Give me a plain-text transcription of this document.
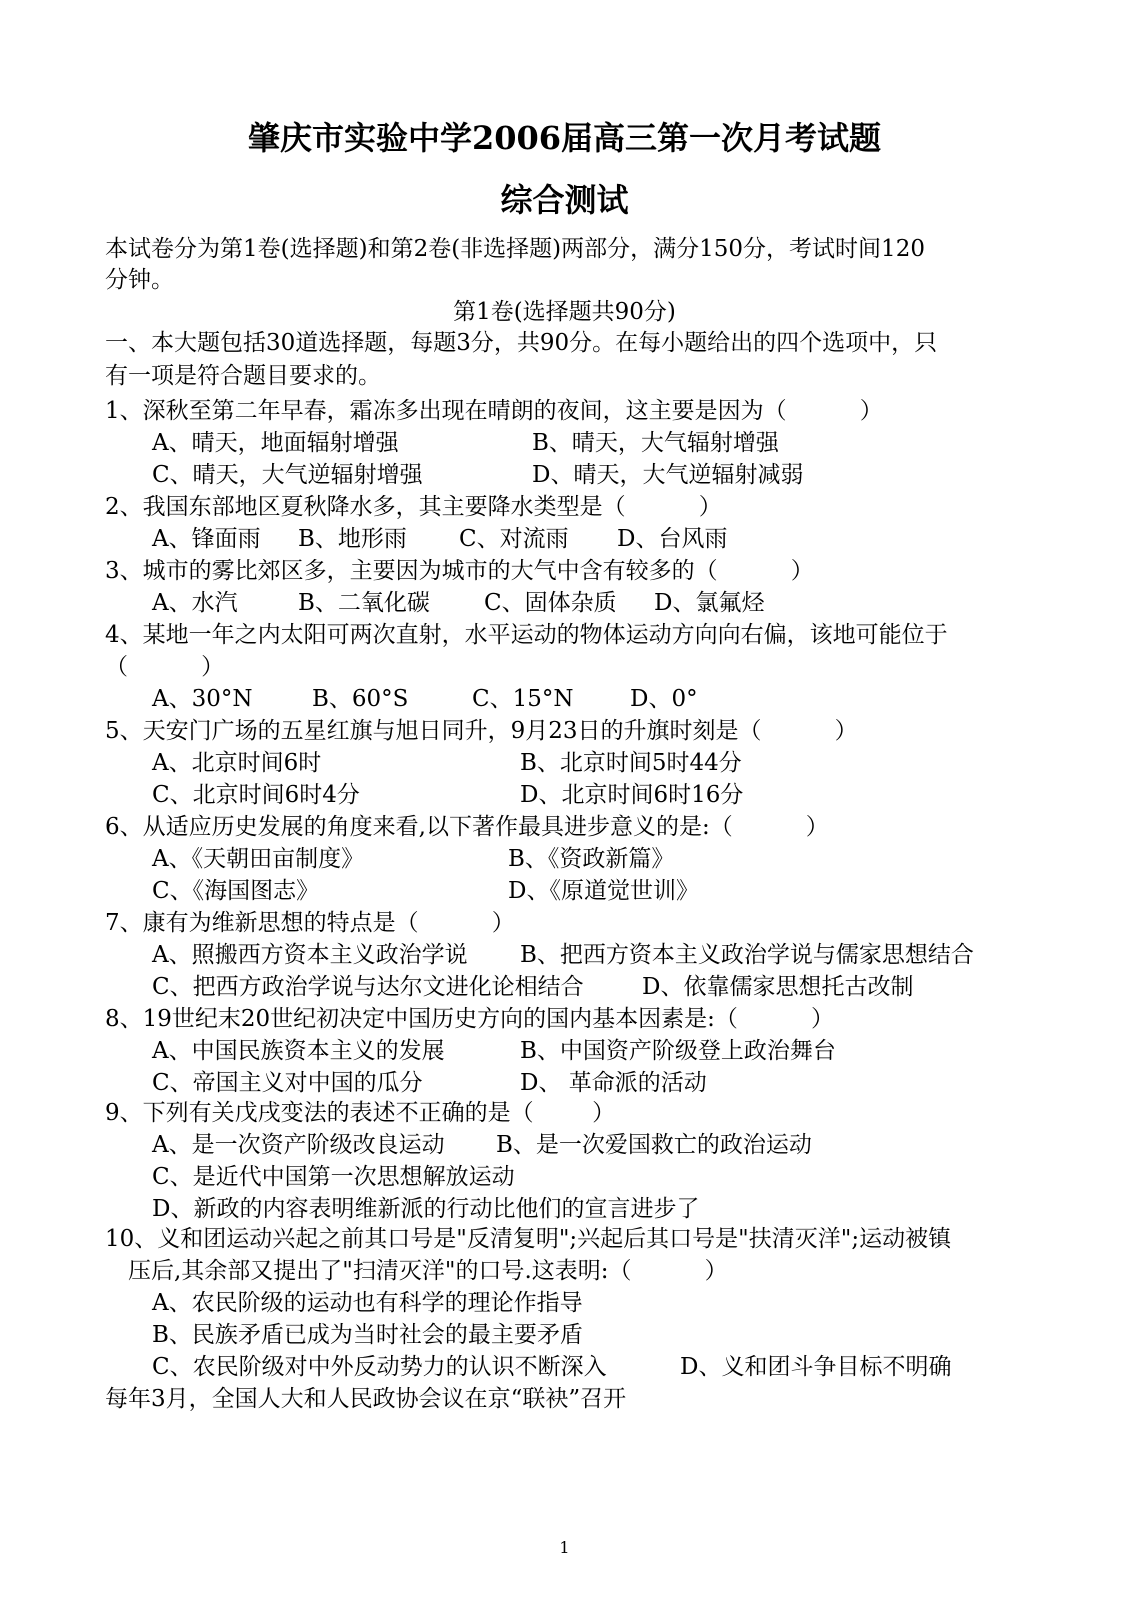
肇庆市实验中学2006届高三第一次月考试题
综合测试
本试卷分为第1卷(选择题)和第2卷(非选择题)两部分，满分150分，考试时间120
分钟。
第1卷(选择题共90分)
一、本大题包括30道选择题，每题3分，共90分。在每小题给出的四个选项中，只
有一项是符合题目要求的。
1、深秋至第二年早春，霜冻多出现在晴朗的夜间，这主要是因为（          ）
A、晴天，地面辐射增强	B、晴天，大气辐射增强
C、晴天，大气逆辐射增强	D、晴天，大气逆辐射减弱
2、我国东部地区夏秋降水多，其主要降水类型是（          ）
A、锋面雨 B、地形雨 C、对流雨 D、台风雨
3、城市的雾比郊区多，主要因为城市的大气中含有较多的（          ）
A、水汽	B、二氧化碳 C、固体杂质 D、氯氟烃
4、某地一年之内太阳可两次直射，水平运动的物体运动方向向右偏，该地可能位于
（          ）
A、30°N	B、60°S	C、15°N D、0°
5、天安门广场的五星红旗与旭日同升，9月23日的升旗时刻是（          ）
A、北京时间6时	B、北京时间5时44分
C、北京时间6时4分	D、北京时间6时16分
6、从适应历史发展的角度来看,以下著作最具进步意义的是:（          ）
A、《天朝田亩制度》	B、《资政新篇》
C、《海国图志》	D、《原道觉世训》
7、康有为维新思想的特点是（          ）
A、照搬西方资本主义政治学说 B、把西方资本主义政治学说与儒家思想结合
C、把西方政治学说与达尔文进化论相结合	D、依靠儒家思想托古改制
8、19世纪末20世纪初决定中国历史方向的国内基本因素是:（          ）
A、中国民族资本主义的发展	B、中国资产阶级登上政治舞台
C、帝国主义对中国的瓜分	D、 革命派的活动
9、下列有关戊戌变法的表述不正确的是（        ）
A、是一次资产阶级改良运动 B、是一次爱国救亡的政治运动
C、是近代中国第一次思想解放运动
D、新政的内容表明维新派的行动比他们的宣言进步了
10、义和团运动兴起之前其口号是"反清复明";兴起后其口号是"扶清灭洋";运动被镇
压后,其余部又提出了"扫清灭洋"的口号.这表明:（          ）
A、农民阶级的运动也有科学的理论作指导
B、民族矛盾已成为当时社会的最主要矛盾
C、农民阶级对中外反动势力的认识不断深入	D、义和团斗争目标不明确
每年3月，全国人大和人民政协会议在京“联袂”召开
1
